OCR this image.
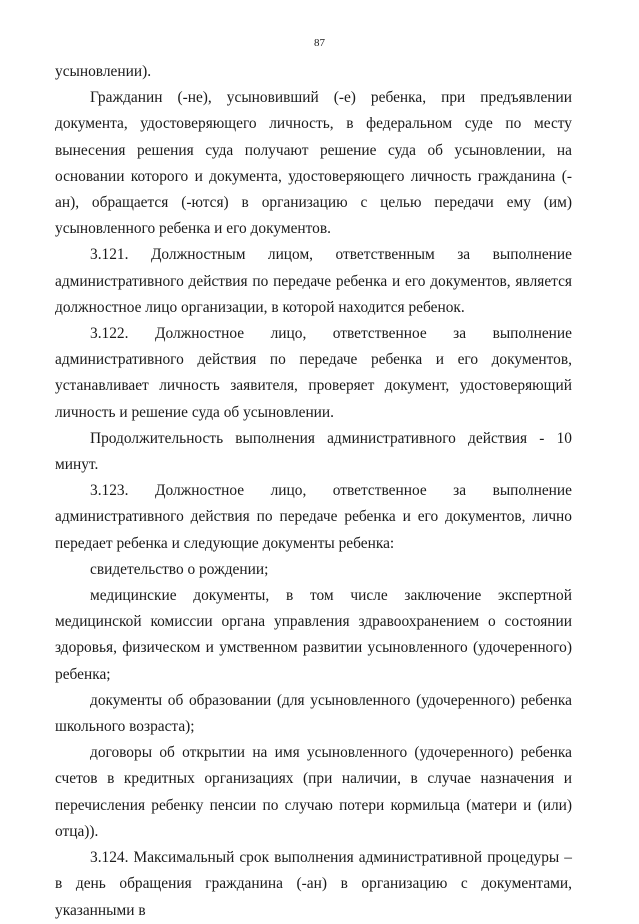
87

усыновлении).

Гражданин (-не), усыновивший (-е) ребенка, при предъявлении документа, удостоверяющего личность, в федеральном суде по месту вынесения решения суда получают решение суда об усыновлении, на основании которого и документа, удостоверяющего личность гражданина (-ан), обращается (-ются) в организацию с целью передачи ему (им) усыновленного ребенка и его документов.

3.121. Должностным лицом, ответственным за выполнение

административного действия по передаче ребенка и его документов, является должностное лицо организации, в которой находится ребенок.

3.122. Должностное лицо, ответственное за выполнение

административного действия по передаче ребенка и его документов, устанавливает личность заявителя, проверяет документ, удостоверяющий личность и решение суда об усыновлении.

Продолжительность выполнения административного действия - 10 минут.

3.123. Должностное лицо, ответственное за выполнение

административного действия по передаче ребенка и его документов, лично передает ребенка и следующие документы ребенка:

свидетельство о рождении;

медицинские документы, в том числе заключение экспертной медицинской комиссии органа управления здравоохранением о состоянии здоровья, физическом и умственном развитии усыновленного (удочеренного) ребенка;

документы об образовании (для усыновленного (удочеренного) ребенка школьного возраста);

договоры об открытии на имя усыновленного (удочеренного) ребенка счетов в кредитных организациях (при наличии, в случае назначения и перечисления ребенку пенсии по случаю потери кормильца (матери и (или) отца)).

3.124. Максимальный срок выполнения административной процедуры – в день обращения гражданина (-ан) в организацию с документами, указанными в
